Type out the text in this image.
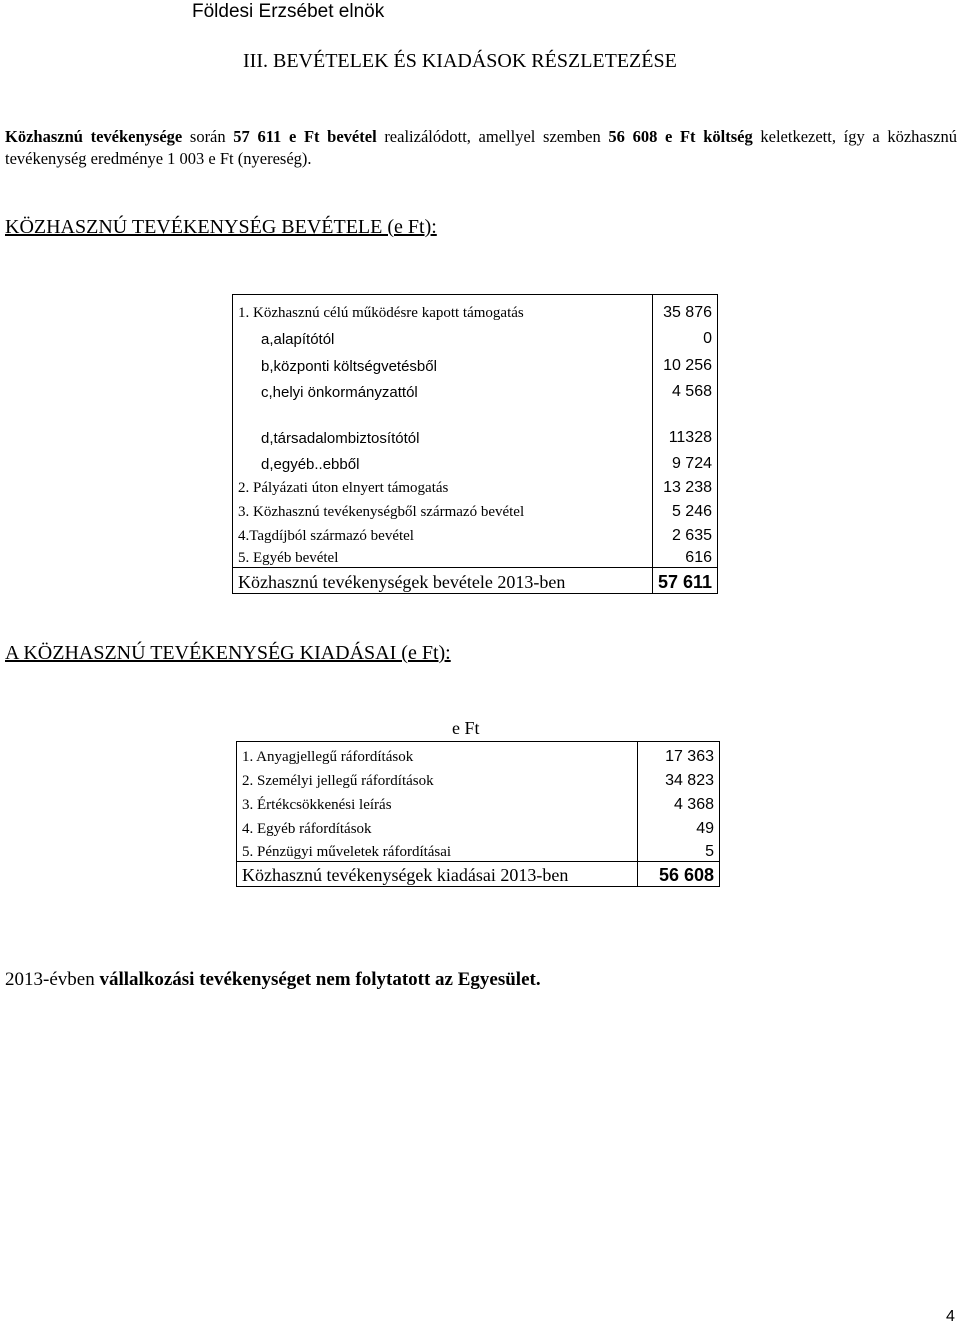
Földesi Erzsébet elnök
III. BEVÉTELEK ÉS KIADÁSOK RÉSZLETEZÉSE
Közhasznú tevékenysége során 57 611 e Ft bevétel realizálódott, amellyel szemben 56 608 e Ft költség keletkezett, így a közhasznú tevékenység eredménye 1 003 e Ft (nyereség).
KÖZHASZNÚ TEVÉKENYSÉG BEVÉTELE (e Ft):
1. Közhasznú célú működésre kapott támogatás	35 876
a,alapítótól	0
b,központi költségvetésből	10 256
c,helyi önkormányzattól	4 568
d,társadalombiztosítótól	11328
d,egyéb..ebből	9 724
2. Pályázati úton elnyert támogatás	13 238
3. Közhasznú tevékenységből származó bevétel	5 246
4.Tagdíjból származó bevétel	2 635
5. Egyéb bevétel	616
Közhasznú tevékenységek bevétele 2013-ben	57 611
A KÖZHASZNÚ TEVÉKENYSÉG KIADÁSAI (e Ft):
e Ft
1. Anyagjellegű ráfordítások	17 363
2. Személyi jellegű ráfordítások	34 823
3. Értékcsökkenési leírás	4 368
4. Egyéb ráfordítások	49
5. Pénzügyi műveletek ráfordításai	5
Közhasznú tevékenységek kiadásai 2013-ben	56 608
2013-évben vállalkozási tevékenységet nem folytatott az Egyesület.
4
